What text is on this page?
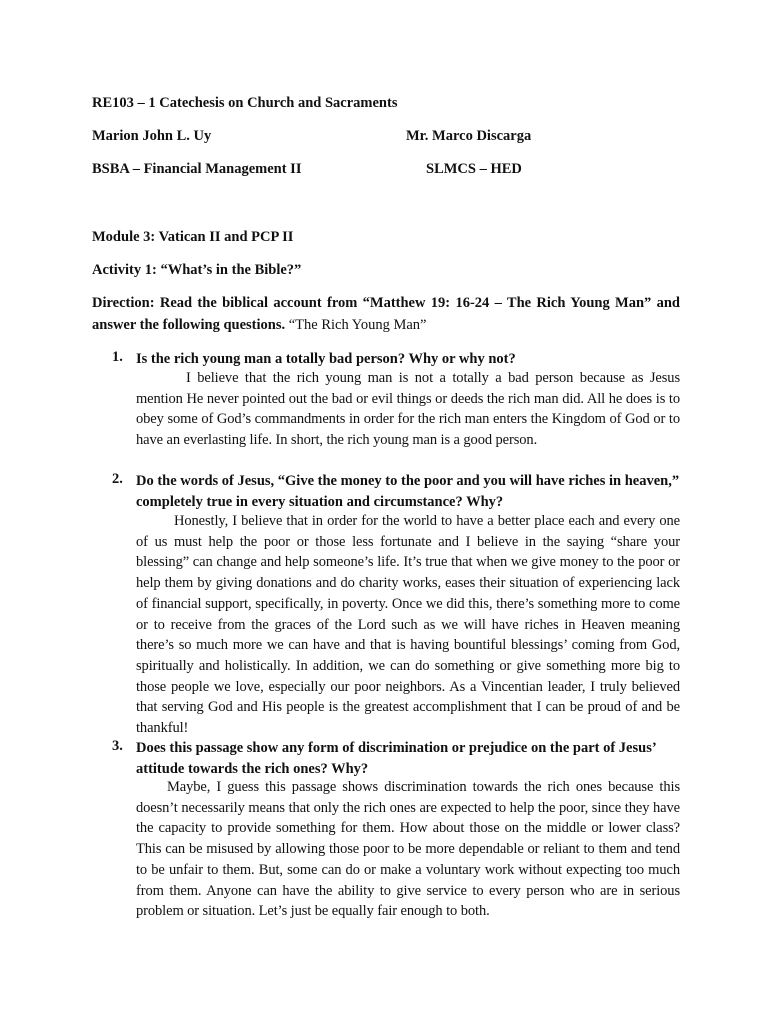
RE103 – 1 Catechesis on Church and Sacraments
Marion John L. Uy	Mr. Marco Discarga
BSBA – Financial Management II	SLMCS – HED
Module 3: Vatican II and PCP II
Activity 1: “What’s in the Bible?”
Direction: Read the biblical account from “Matthew 19: 16-24 – The Rich Young Man” and answer the following questions. “The Rich Young Man”
1. Is the rich young man a totally bad person? Why or why not?
I believe that the rich young man is not a totally a bad person because as Jesus mention He never pointed out the bad or evil things or deeds the rich man did. All he does is to obey some of God’s commandments in order for the rich man enters the Kingdom of God or to have an everlasting life. In short, the rich young man is a good person.
2. Do the words of Jesus, “Give the money to the poor and you will have riches in heaven,” completely true in every situation and circumstance? Why?
Honestly, I believe that in order for the world to have a better place each and every one of us must help the poor or those less fortunate and I believe in the saying “share your blessing” can change and help someone’s life. It’s true that when we give money to the poor or help them by giving donations and do charity works, eases their situation of experiencing lack of financial support, specifically, in poverty. Once we did this, there’s something more to come or to receive from the graces of the Lord such as we will have riches in Heaven meaning there’s so much more we can have and that is having bountiful blessings’ coming from God, spiritually and holistically. In addition, we can do something or give something more big to those people we love, especially our poor neighbors. As a Vincentian leader, I truly believed that serving God and His people is the greatest accomplishment that I can be proud of and be thankful!
3. Does this passage show any form of discrimination or prejudice on the part of Jesus’ attitude towards the rich ones? Why?
Maybe, I guess this passage shows discrimination towards the rich ones because this doesn’t necessarily means that only the rich ones are expected to help the poor, since they have the capacity to provide something for them. How about those on the middle or lower class? This can be misused by allowing those poor to be more dependable or reliant to them and tend to be unfair to them. But, some can do or make a voluntary work without expecting too much from them. Anyone can have the ability to give service to every person who are in serious problem or situation. Let’s just be equally fair enough to both.
